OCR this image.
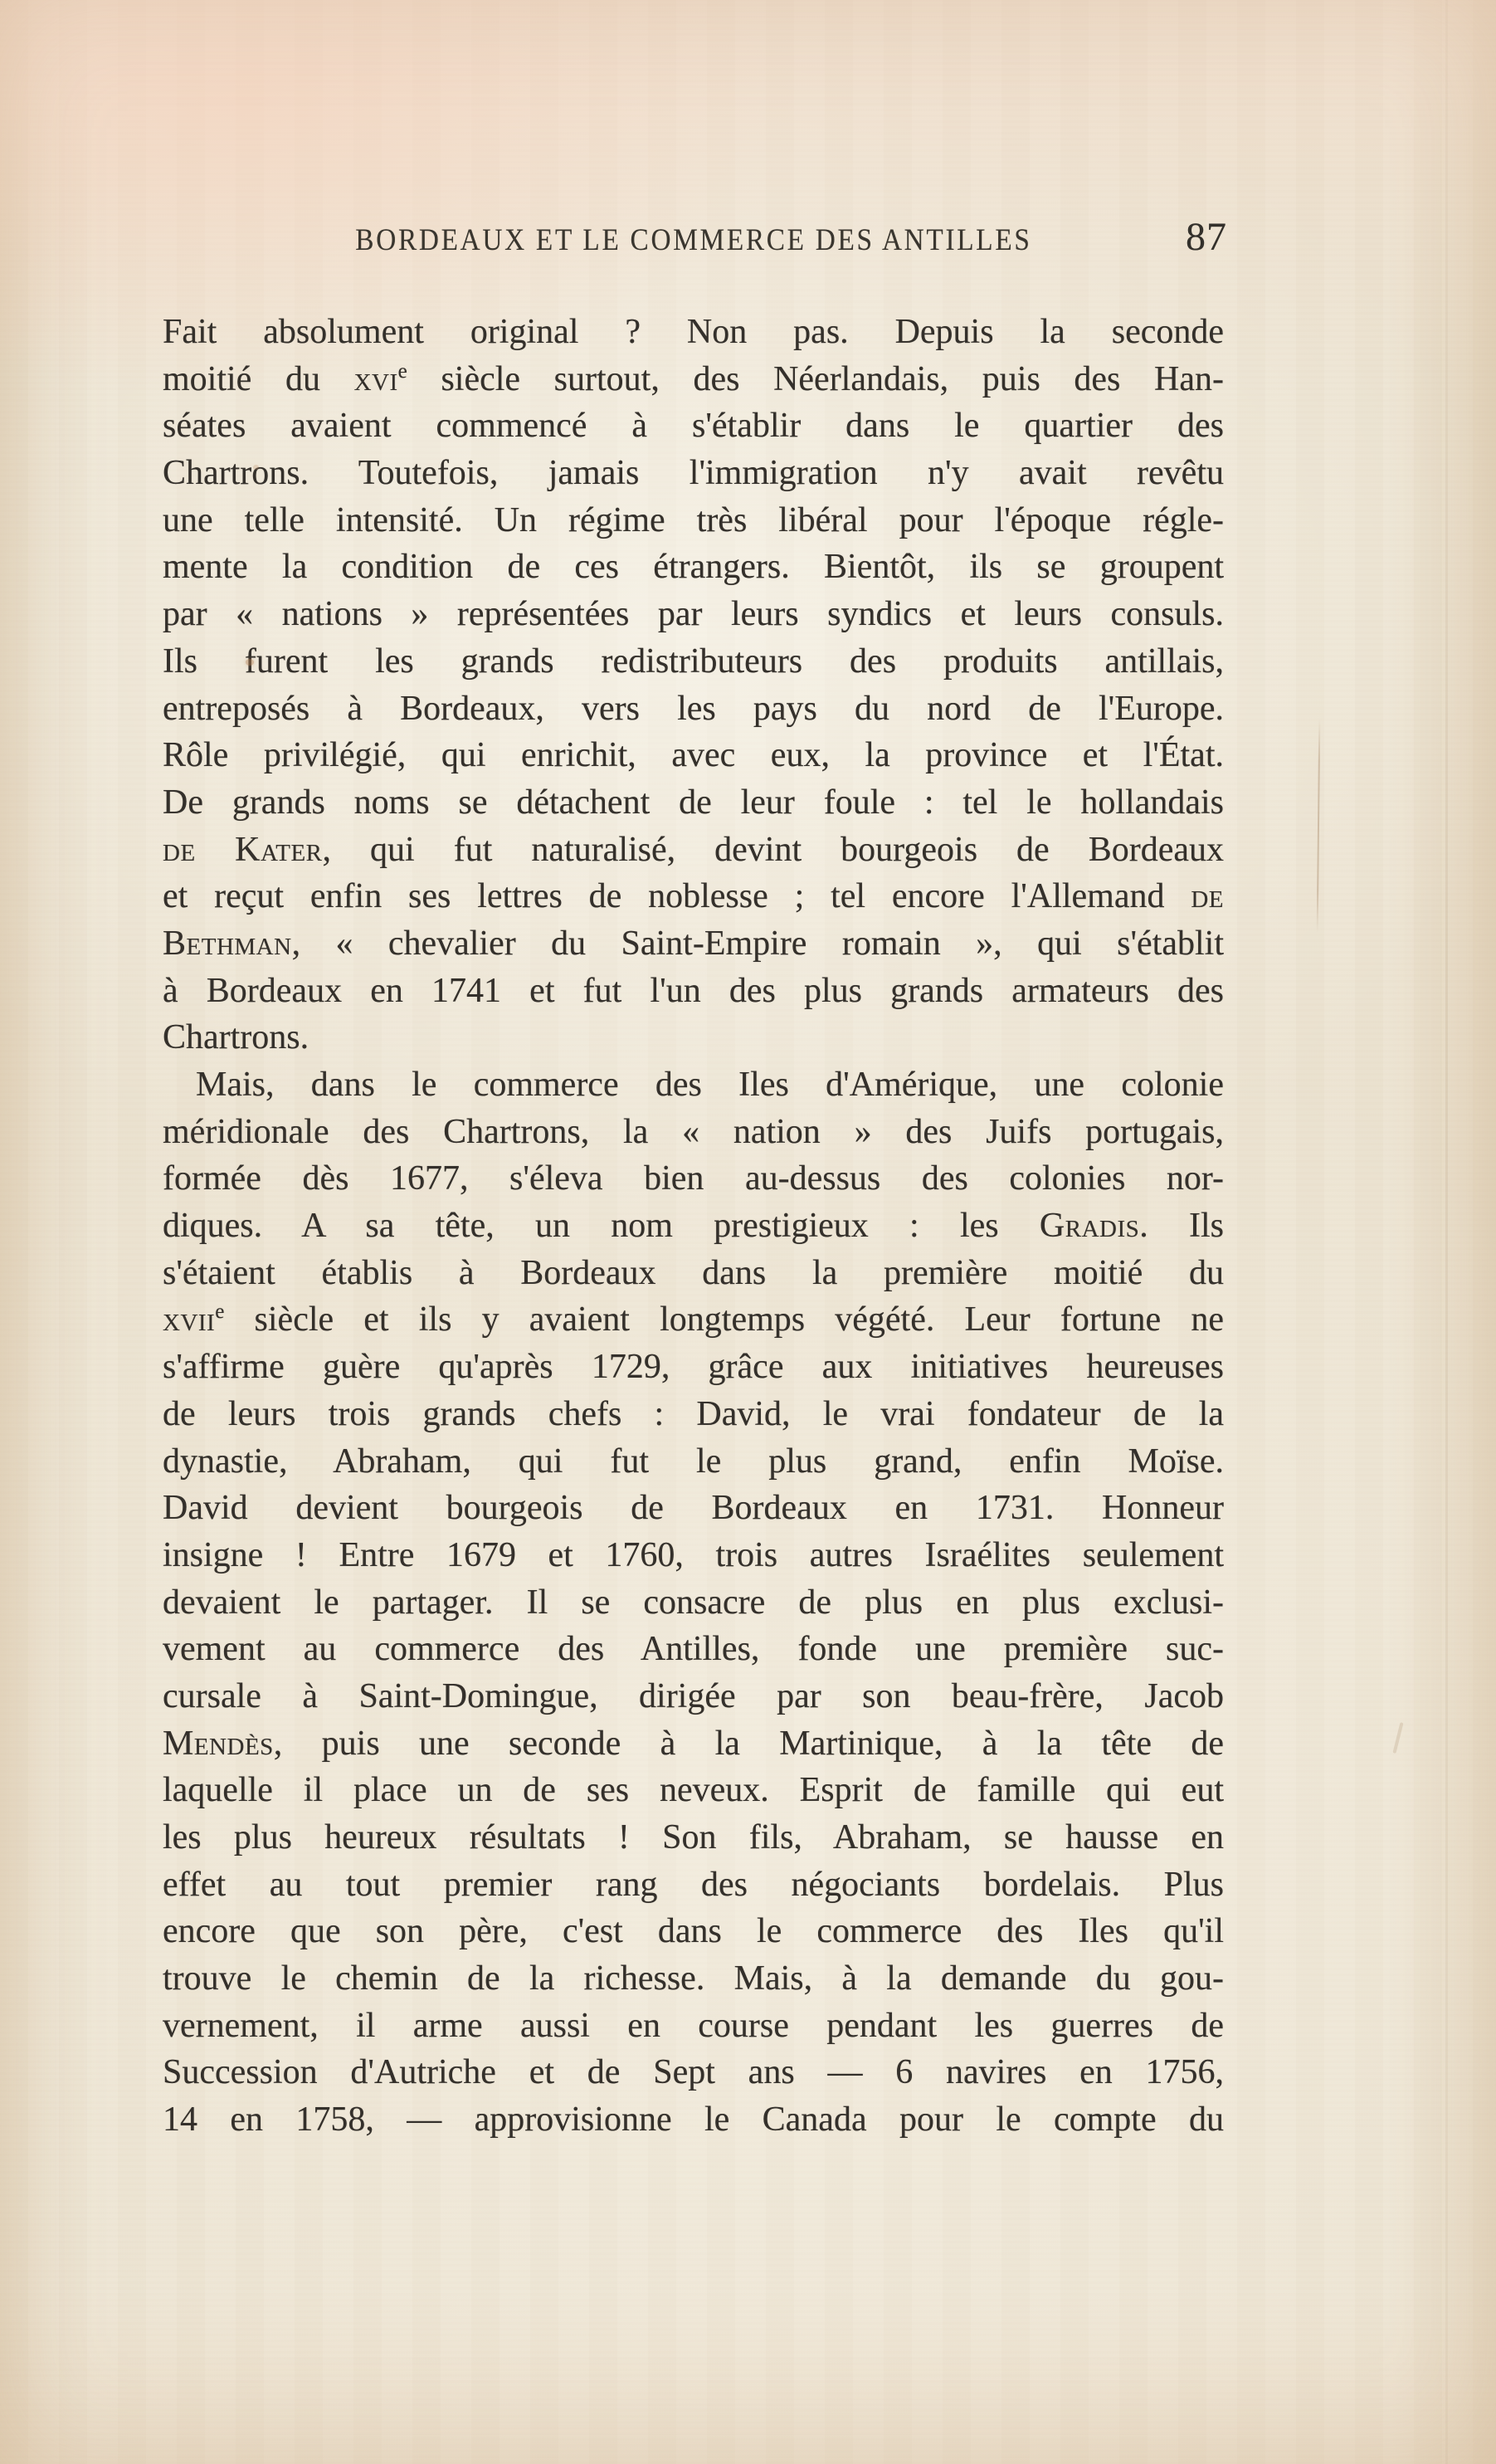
BORDEAUX ET LE COMMERCE DES ANTILLES	87
Fait absolument original ? Non pas. Depuis la seconde
moitié du xvi$^e$ siècle surtout, des Néerlandais, puis des Han-
séates avaient commencé à s'établir dans le quartier des
Chartrons. Toutefois, jamais l'immigration n'y avait revêtu
une telle intensité. Un régime très libéral pour l'époque régle-
mente la condition de ces étrangers. Bientôt, ils se groupent
par « nations » représentées par leurs syndics et leurs consuls.
Ils furent les grands redistributeurs des produits antillais,
entreposés à Bordeaux, vers les pays du nord de l'Europe.
Rôle privilégié, qui enrichit, avec eux, la province et l'État.
De grands noms se détachent de leur foule : tel le hollandais
de Kater, qui fut naturalisé, devint bourgeois de Bordeaux
et reçut enfin ses lettres de noblesse ; tel encore l'Allemand de
Bethman, « chevalier du Saint-Empire romain », qui s'établit
à Bordeaux en 1741 et fut l'un des plus grands armateurs des
Chartrons.
Mais, dans le commerce des Iles d'Amérique, une colonie
méridionale des Chartrons, la « nation » des Juifs portugais,
formée dès 1677, s'éleva bien au-dessus des colonies nor-
diques. A sa tête, un nom prestigieux : les Gradis. Ils
s'étaient établis à Bordeaux dans la première moitié du
xvii$^e$ siècle et ils y avaient longtemps végété. Leur fortune ne
s'affirme guère qu'après 1729, grâce aux initiatives heureuses
de leurs trois grands chefs : David, le vrai fondateur de la
dynastie, Abraham, qui fut le plus grand, enfin Moïse.
David devient bourgeois de Bordeaux en 1731. Honneur
insigne ! Entre 1679 et 1760, trois autres Israélites seulement
devaient le partager. Il se consacre de plus en plus exclusi-
vement au commerce des Antilles, fonde une première suc-
cursale à Saint-Domingue, dirigée par son beau-frère, Jacob
Mendès, puis une seconde à la Martinique, à la tête de
laquelle il place un de ses neveux. Esprit de famille qui eut
les plus heureux résultats ! Son fils, Abraham, se hausse en
effet au tout premier rang des négociants bordelais. Plus
encore que son père, c'est dans le commerce des Iles qu'il
trouve le chemin de la richesse. Mais, à la demande du gou-
vernement, il arme aussi en course pendant les guerres de
Succession d'Autriche et de Sept ans — 6 navires en 1756,
14 en 1758, — approvisionne le Canada pour le compte du
